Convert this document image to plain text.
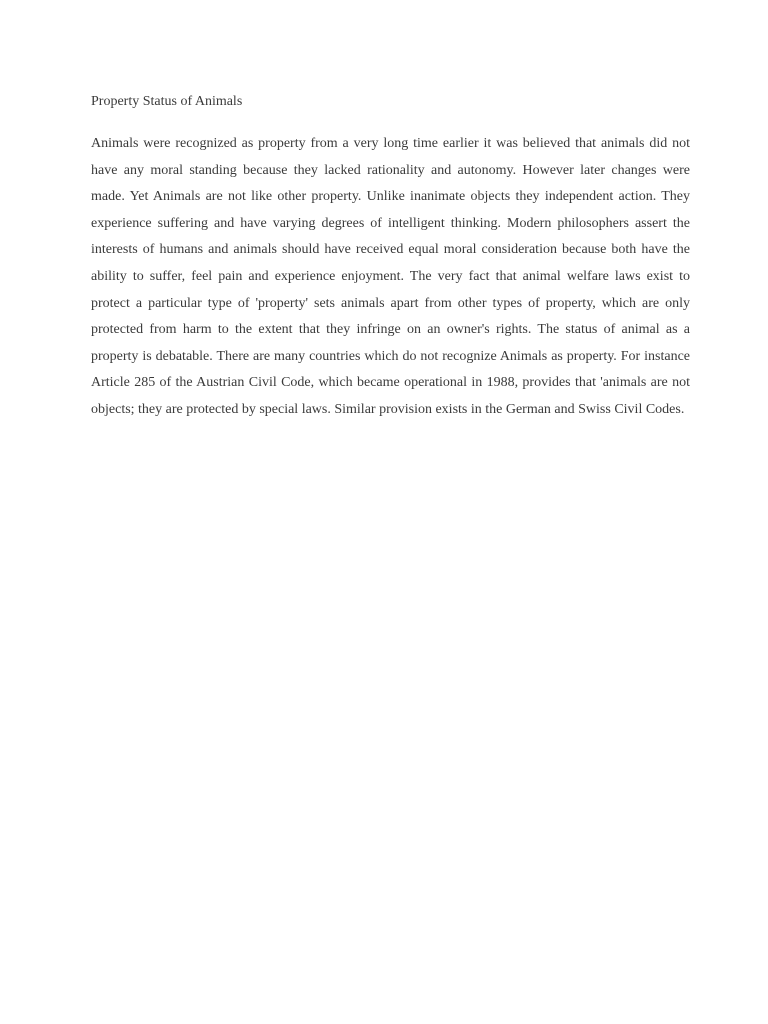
Property Status of Animals

Animals were recognized as property from a very long time earlier it was believed that animals did not have any moral standing because they lacked rationality and autonomy. However later changes were made. Yet Animals are not like other property. Unlike inanimate objects they independent action. They experience suffering and have varying degrees of intelligent thinking. Modern philosophers assert the interests of humans and animals should have received equal moral consideration because both have the ability to suffer, feel pain and experience enjoyment. The very fact that animal welfare laws exist to protect a particular type of 'property' sets animals apart from other types of property, which are only protected from harm to the extent that they infringe on an owner's rights. The status of animal as a property is debatable. There are many countries which do not recognize Animals as property. For instance Article 285 of the Austrian Civil Code, which became operational in 1988, provides that 'animals are not objects; they are protected by special laws. Similar provision exists in the German and Swiss Civil Codes.
